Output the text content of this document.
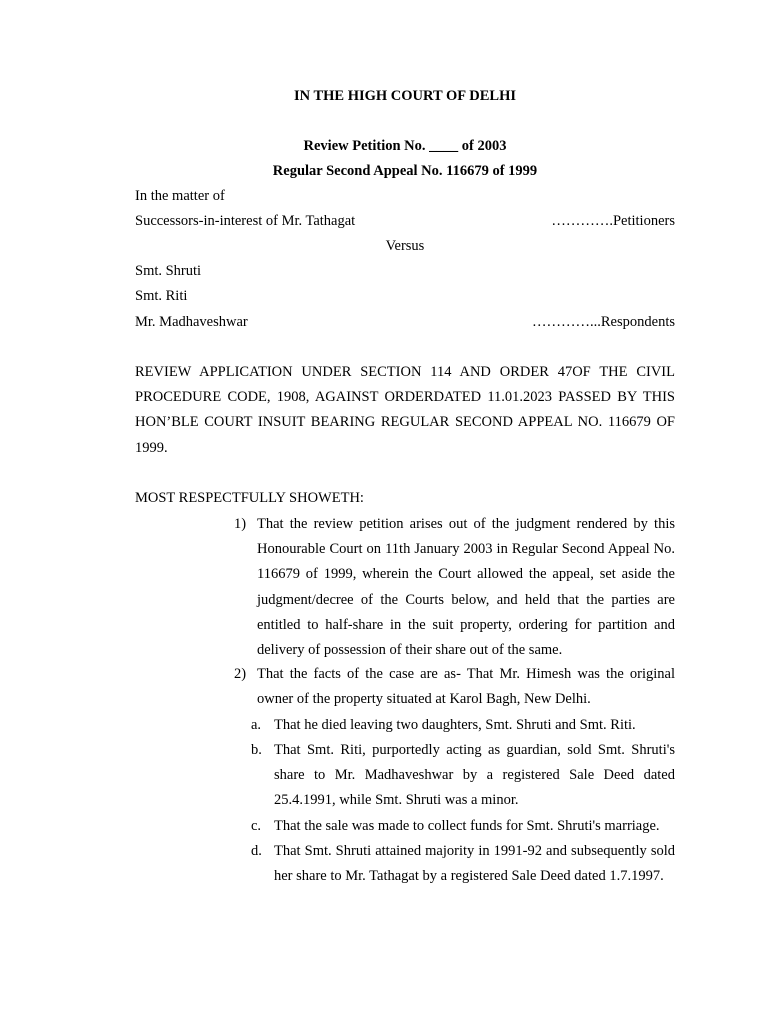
IN THE HIGH COURT OF DELHI
Review Petition No. ____ of 2003
Regular Second Appeal No. 116679 of 1999
In the matter of
Successors-in-interest of Mr. Tathagat	………….Petitioners
Versus
Smt. Shruti
Smt. Riti
Mr. Madhaveshwar	…………...Respondents
REVIEW APPLICATION UNDER SECTION 114 AND ORDER 47OF THE CIVIL PROCEDURE CODE, 1908, AGAINST ORDERDATED 11.01.2023 PASSED BY THIS HON’BLE COURT INSUIT BEARING REGULAR SECOND APPEAL NO. 116679 OF 1999.
MOST RESPECTFULLY SHOWETH:
1) That the review petition arises out of the judgment rendered by this Honourable Court on 11th January 2003 in Regular Second Appeal No. 116679 of 1999, wherein the Court allowed the appeal, set aside the judgment/decree of the Courts below, and held that the parties are entitled to half-share in the suit property, ordering for partition and delivery of possession of their share out of the same.
2) That the facts of the case are as- That Mr. Himesh was the original owner of the property situated at Karol Bagh, New Delhi.
a. That he died leaving two daughters, Smt. Shruti and Smt. Riti.
b. That Smt. Riti, purportedly acting as guardian, sold Smt. Shruti's share to Mr. Madhaveshwar by a registered Sale Deed dated 25.4.1991, while Smt. Shruti was a minor.
c. That the sale was made to collect funds for Smt. Shruti's marriage.
d. That Smt. Shruti attained majority in 1991-92 and subsequently sold her share to Mr. Tathagat by a registered Sale Deed dated 1.7.1997.
